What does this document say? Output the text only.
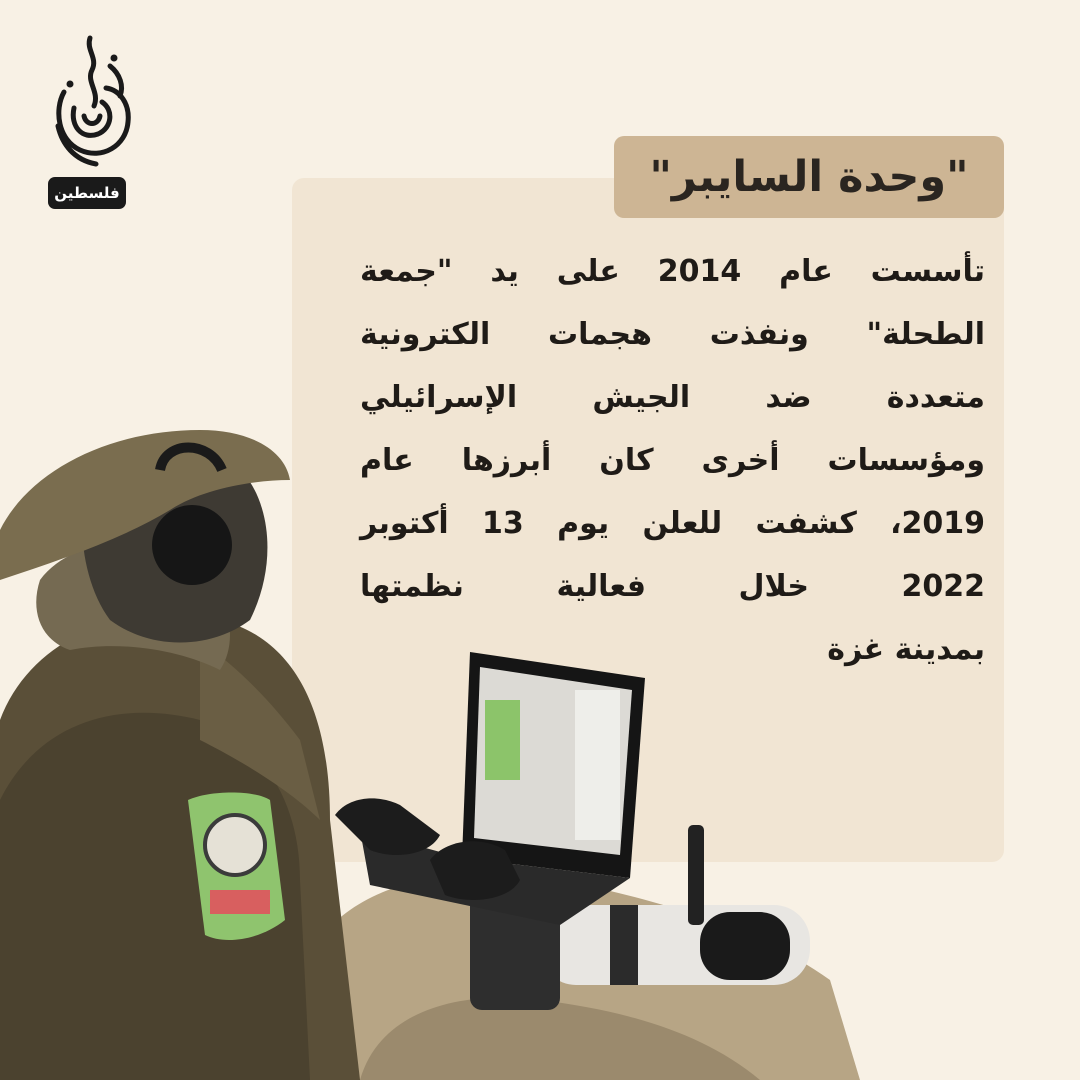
"وحدة السايبر"
تأسست عام 2014 على يد "جمعة
الطحلة" ونفذت هجمات الكترونية
متعددة ضد الجيش الإسرائيلي
ومؤسسات أخرى كان أبرزها عام
2019، كشفت للعلن يوم 13 أكتوبر
2022 خلال فعالية نظمتها
بمدينة غزة
فلسطين
